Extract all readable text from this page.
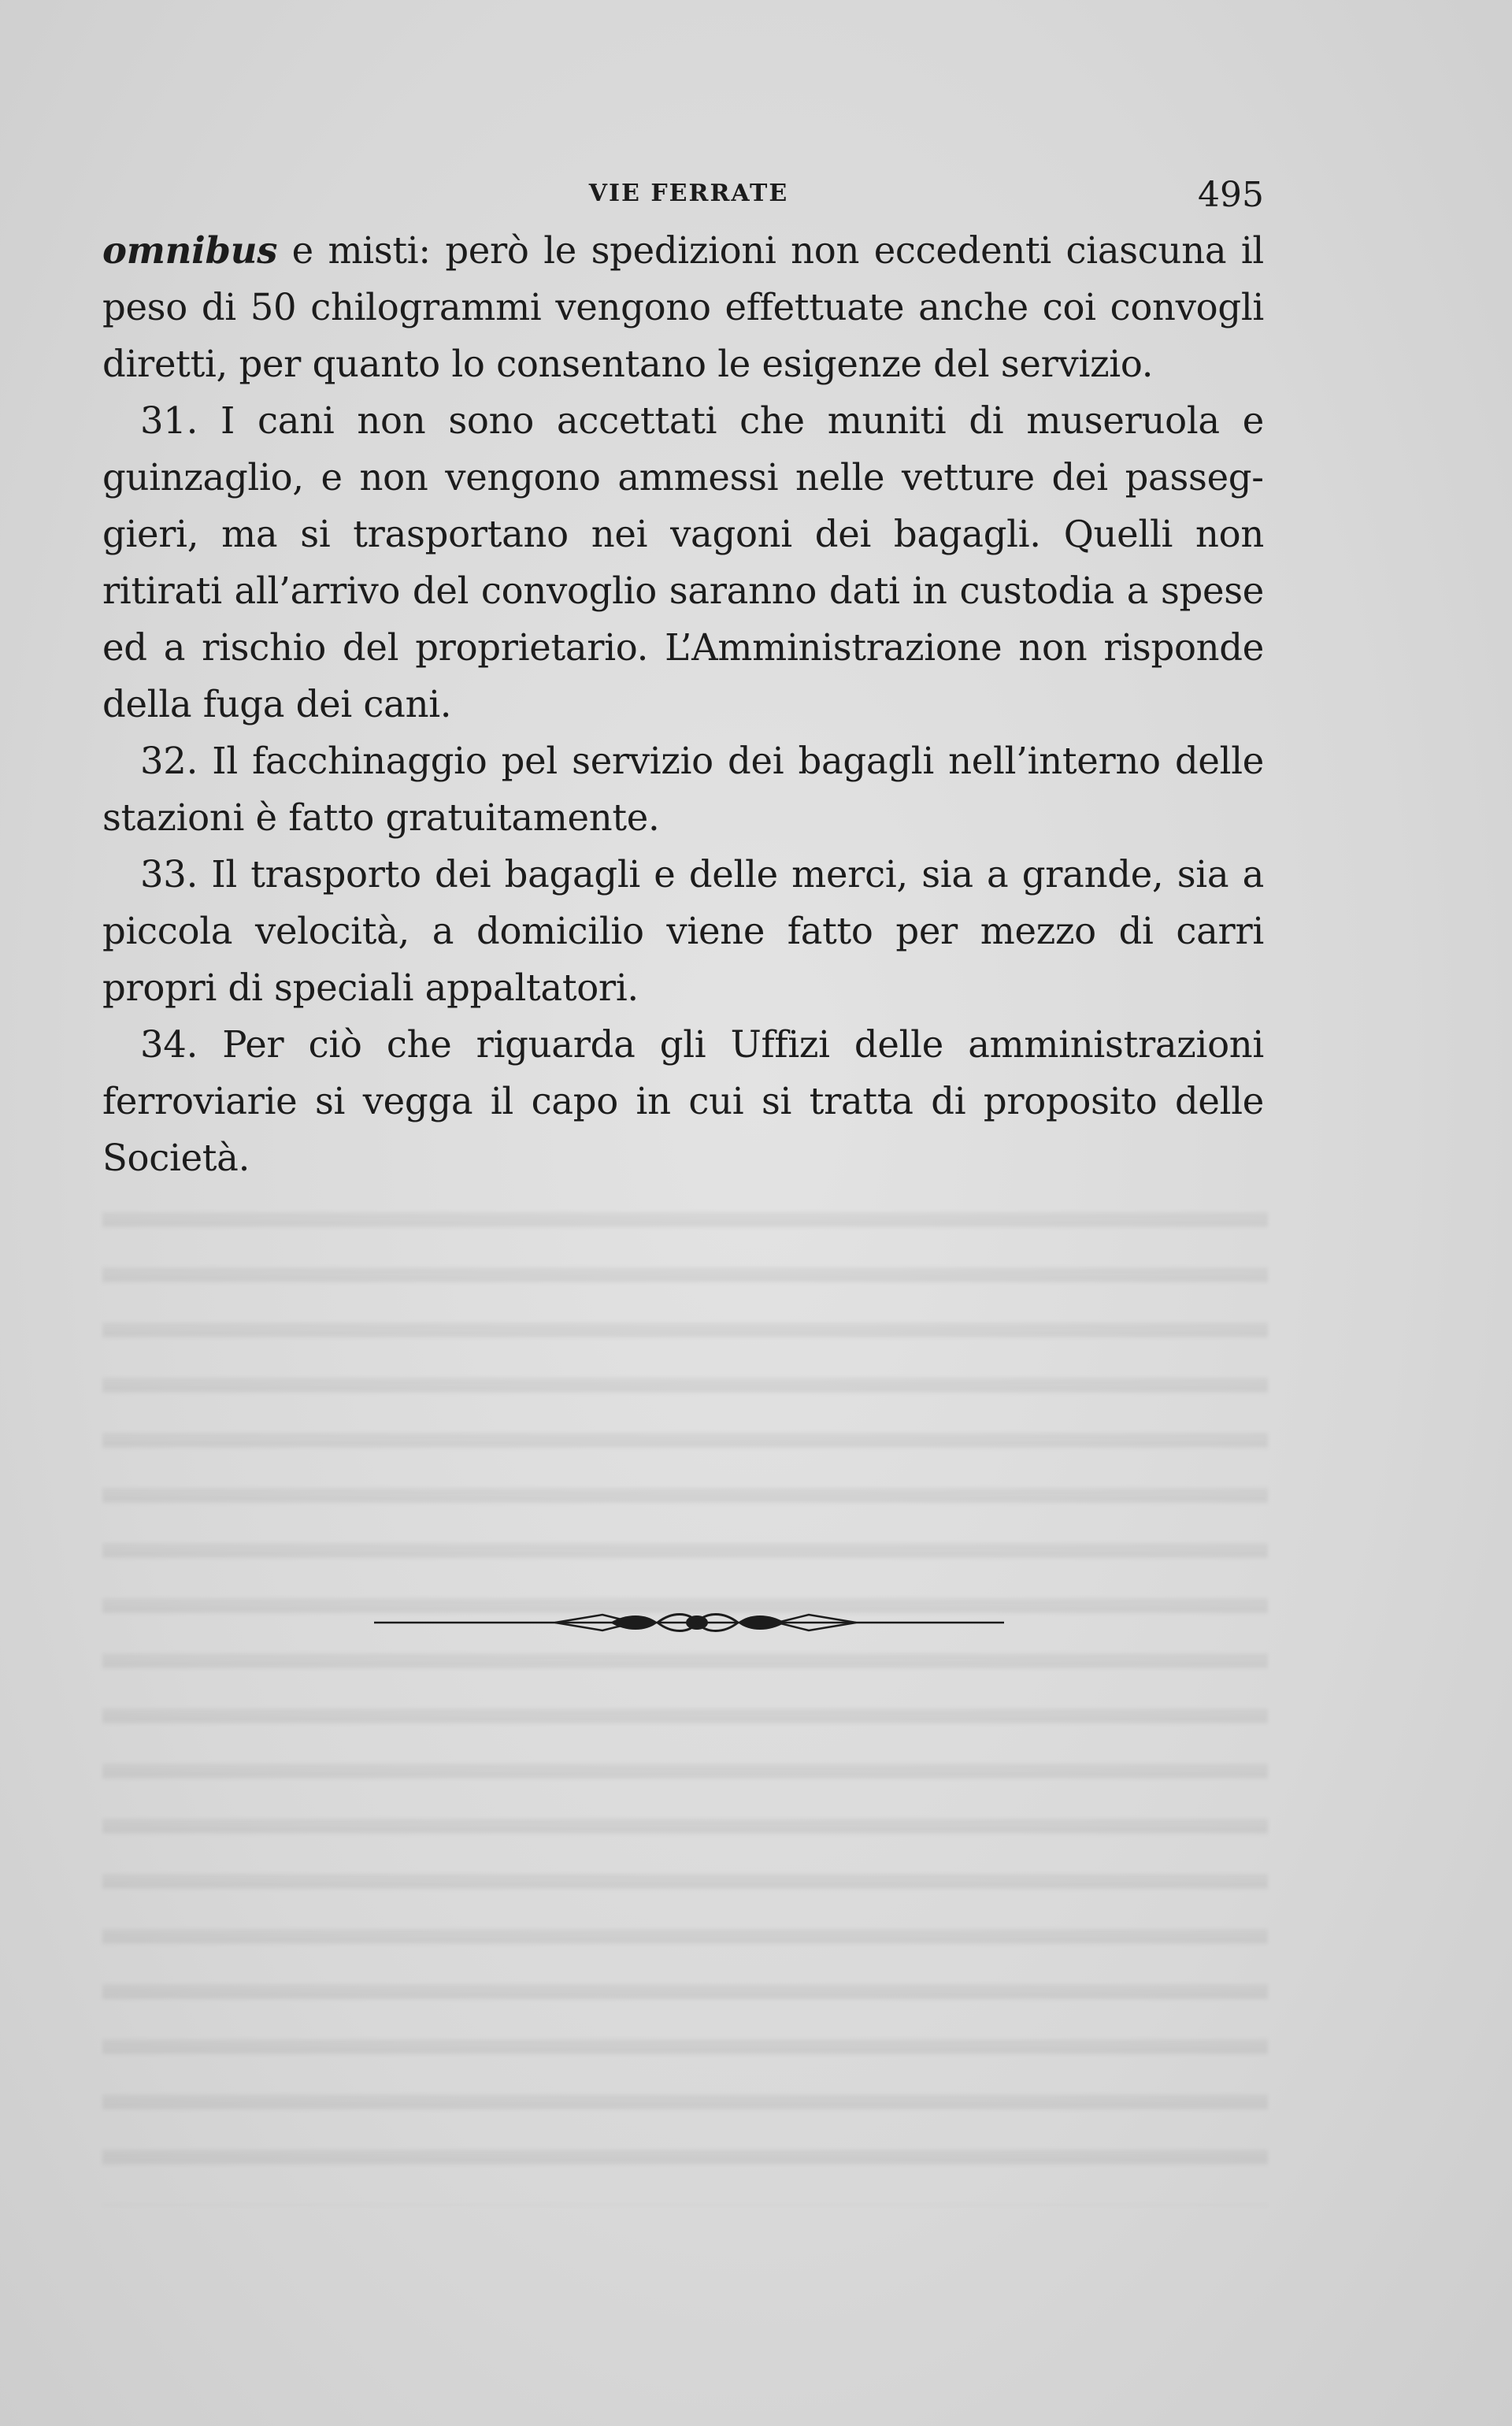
VIE FERRATE	495

omnibus e misti: però le spedizioni non eccedenti ciascuna il peso di 50 chilogrammi vengono effettuate anche coi convogli diretti, per quanto lo consentano le esigenze del servizio.

31. I cani non sono accettati che muniti di museruola e guinzaglio, e non vengono ammessi nelle vetture dei passeggieri, ma si trasportano nei vagoni dei bagagli. Quelli non ritirati all’arrivo del convoglio saranno dati in custodia a spese ed a rischio del proprietario. L’Amministrazione non risponde della fuga dei cani.

32. Il facchinaggio pel servizio dei bagagli nell’interno delle stazioni è fatto gratuitamente.

33. Il trasporto dei bagagli e delle merci, sia a grande, sia a piccola velocità, a domicilio viene fatto per mezzo di carri propri di speciali appaltatori.

34. Per ciò che riguarda gli Uffizi delle amministrazioni ferroviarie si vegga il capo in cui si tratta di proposito delle Società.
